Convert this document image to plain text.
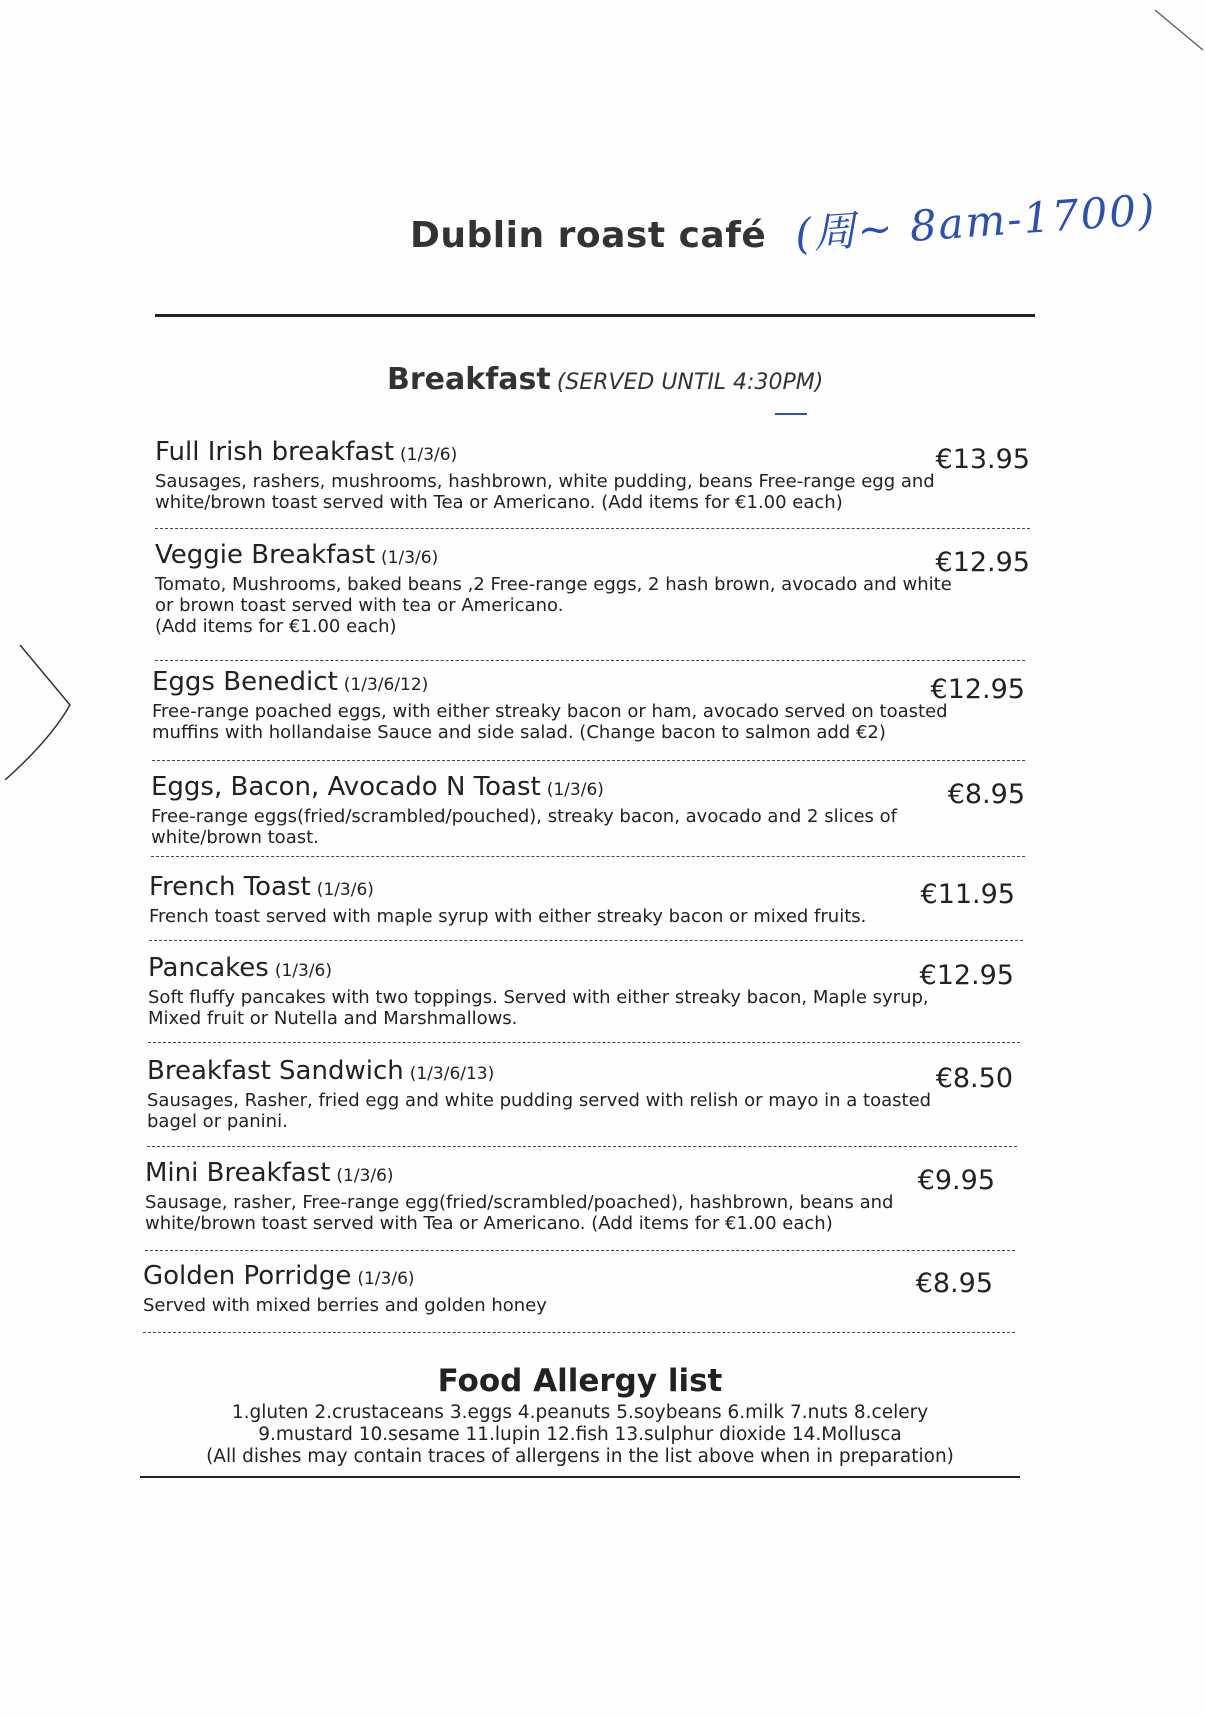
Dublin roast café (周~ 8am-1700)
Breakfast (SERVED UNTIL 4:30PM)
Full Irish breakfast (1/3/6)	€13.95
Sausages, rashers, mushrooms, hashbrown, white pudding, beans Free-range egg and
white/brown toast served with Tea or Americano. (Add items for €1.00 each)
Veggie Breakfast (1/3/6)	€12.95
Tomato, Mushrooms, baked beans ,2 Free-range eggs, 2 hash brown, avocado and white
or brown toast served with tea or Americano.
(Add items for €1.00 each)
Eggs Benedict (1/3/6/12)	€12.95
Free-range poached eggs, with either streaky bacon or ham, avocado served on toasted
muffins with hollandaise Sauce and side salad. (Change bacon to salmon add €2)
Eggs, Bacon, Avocado N Toast (1/3/6)	€8.95
Free-range eggs(fried/scrambled/pouched), streaky bacon, avocado and 2 slices of
white/brown toast.
French Toast (1/3/6)	€11.95
French toast served with maple syrup with either streaky bacon or mixed fruits.
Pancakes (1/3/6)	€12.95
Soft fluffy pancakes with two toppings. Served with either streaky bacon, Maple syrup,
Mixed fruit or Nutella and Marshmallows.
Breakfast Sandwich (1/3/6/13)	€8.50
Sausages, Rasher, fried egg and white pudding served with relish or mayo in a toasted
bagel or panini.
Mini Breakfast (1/3/6)	€9.95
Sausage, rasher, Free-range egg(fried/scrambled/poached), hashbrown, beans and
white/brown toast served with Tea or Americano. (Add items for €1.00 each)
Golden Porridge (1/3/6)	€8.95
Served with mixed berries and golden honey
Food Allergy list
1.gluten 2.crustaceans 3.eggs 4.peanuts 5.soybeans 6.milk 7.nuts 8.celery
9.mustard 10.sesame 11.lupin 12.fish 13.sulphur dioxide 14.Mollusca
(All dishes may contain traces of allergens in the list above when in preparation)
